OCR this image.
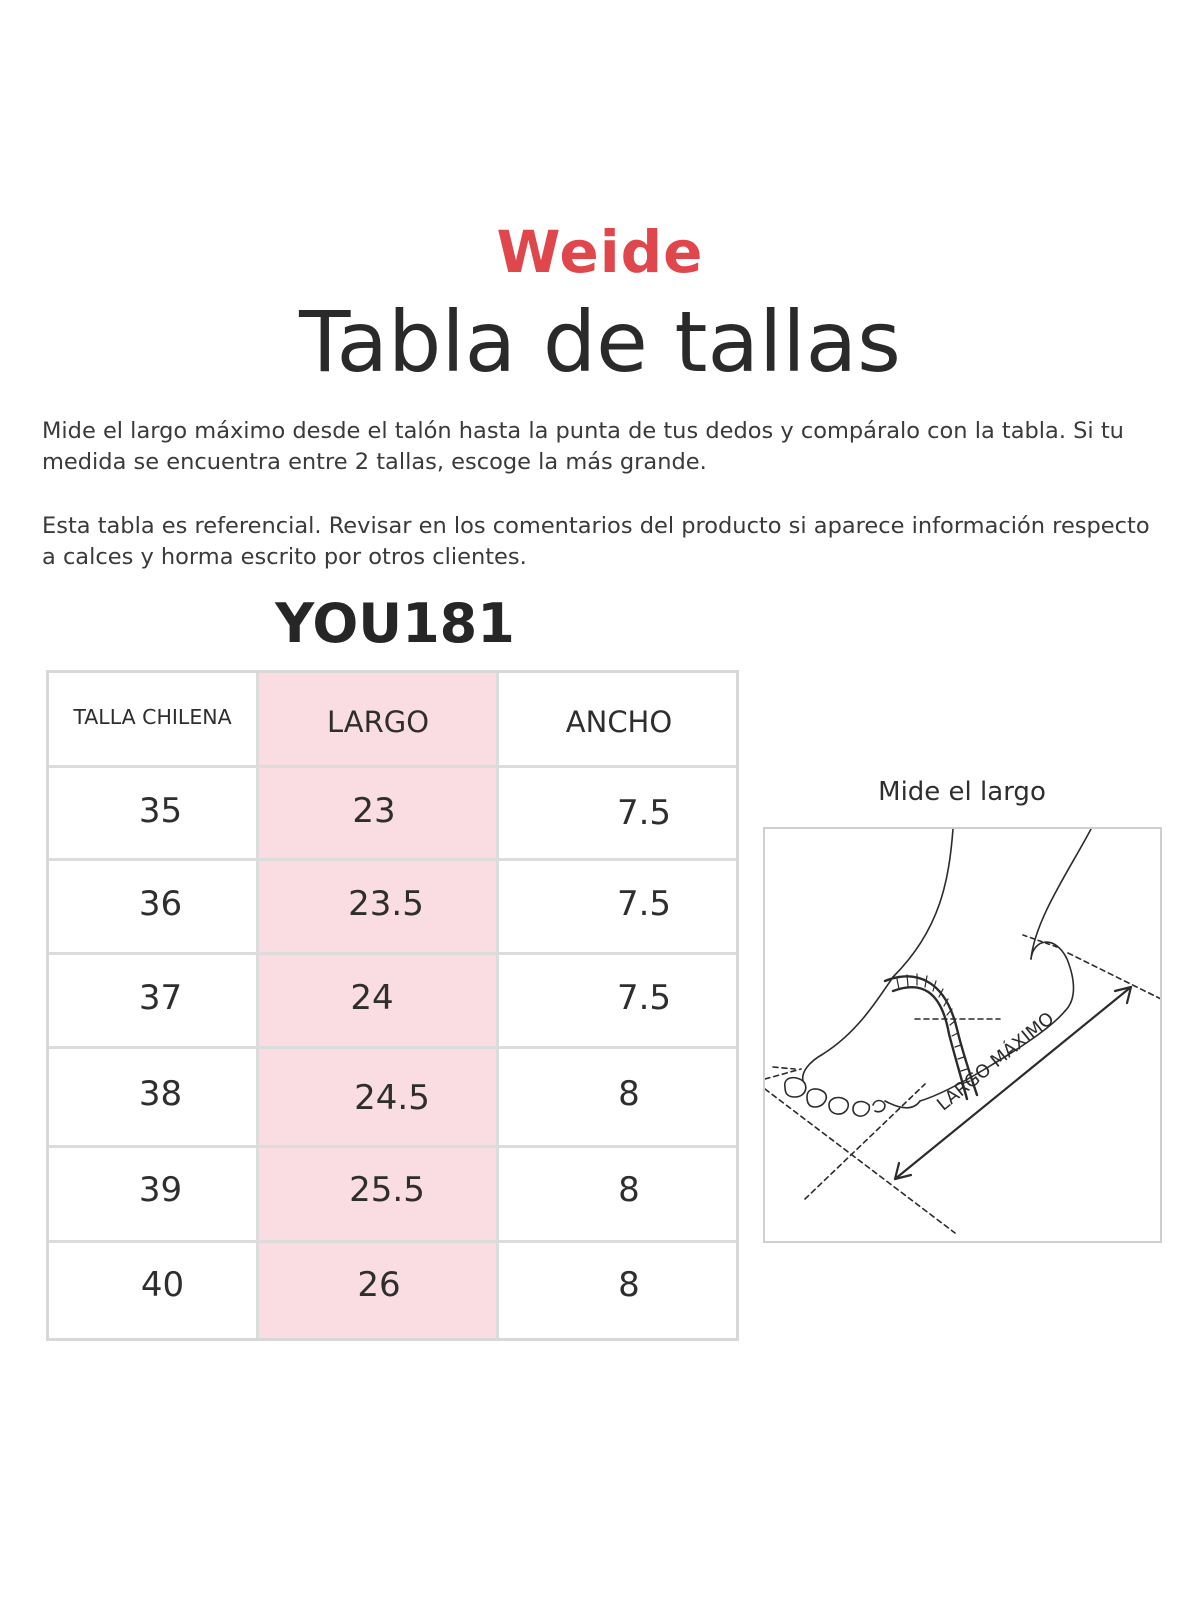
Weide
Tabla de tallas

Mide el largo máximo desde el talón hasta la punta de tus dedos y compáralo con la tabla. Si tu medida se encuentra entre 2 tallas, escoge la más grande.

Esta tabla es referencial. Revisar en los comentarios del producto si aparece información respecto a calces y horma escrito por otros clientes.

YOU181
TALLA CHILENA	LARGO	ANCHO
35	23	7.5
36	23.5	7.5
37	24	7.5
38	24.5	8
39	25.5	8
40	26	8
Mide el largo
LARGO MÁXIMO
